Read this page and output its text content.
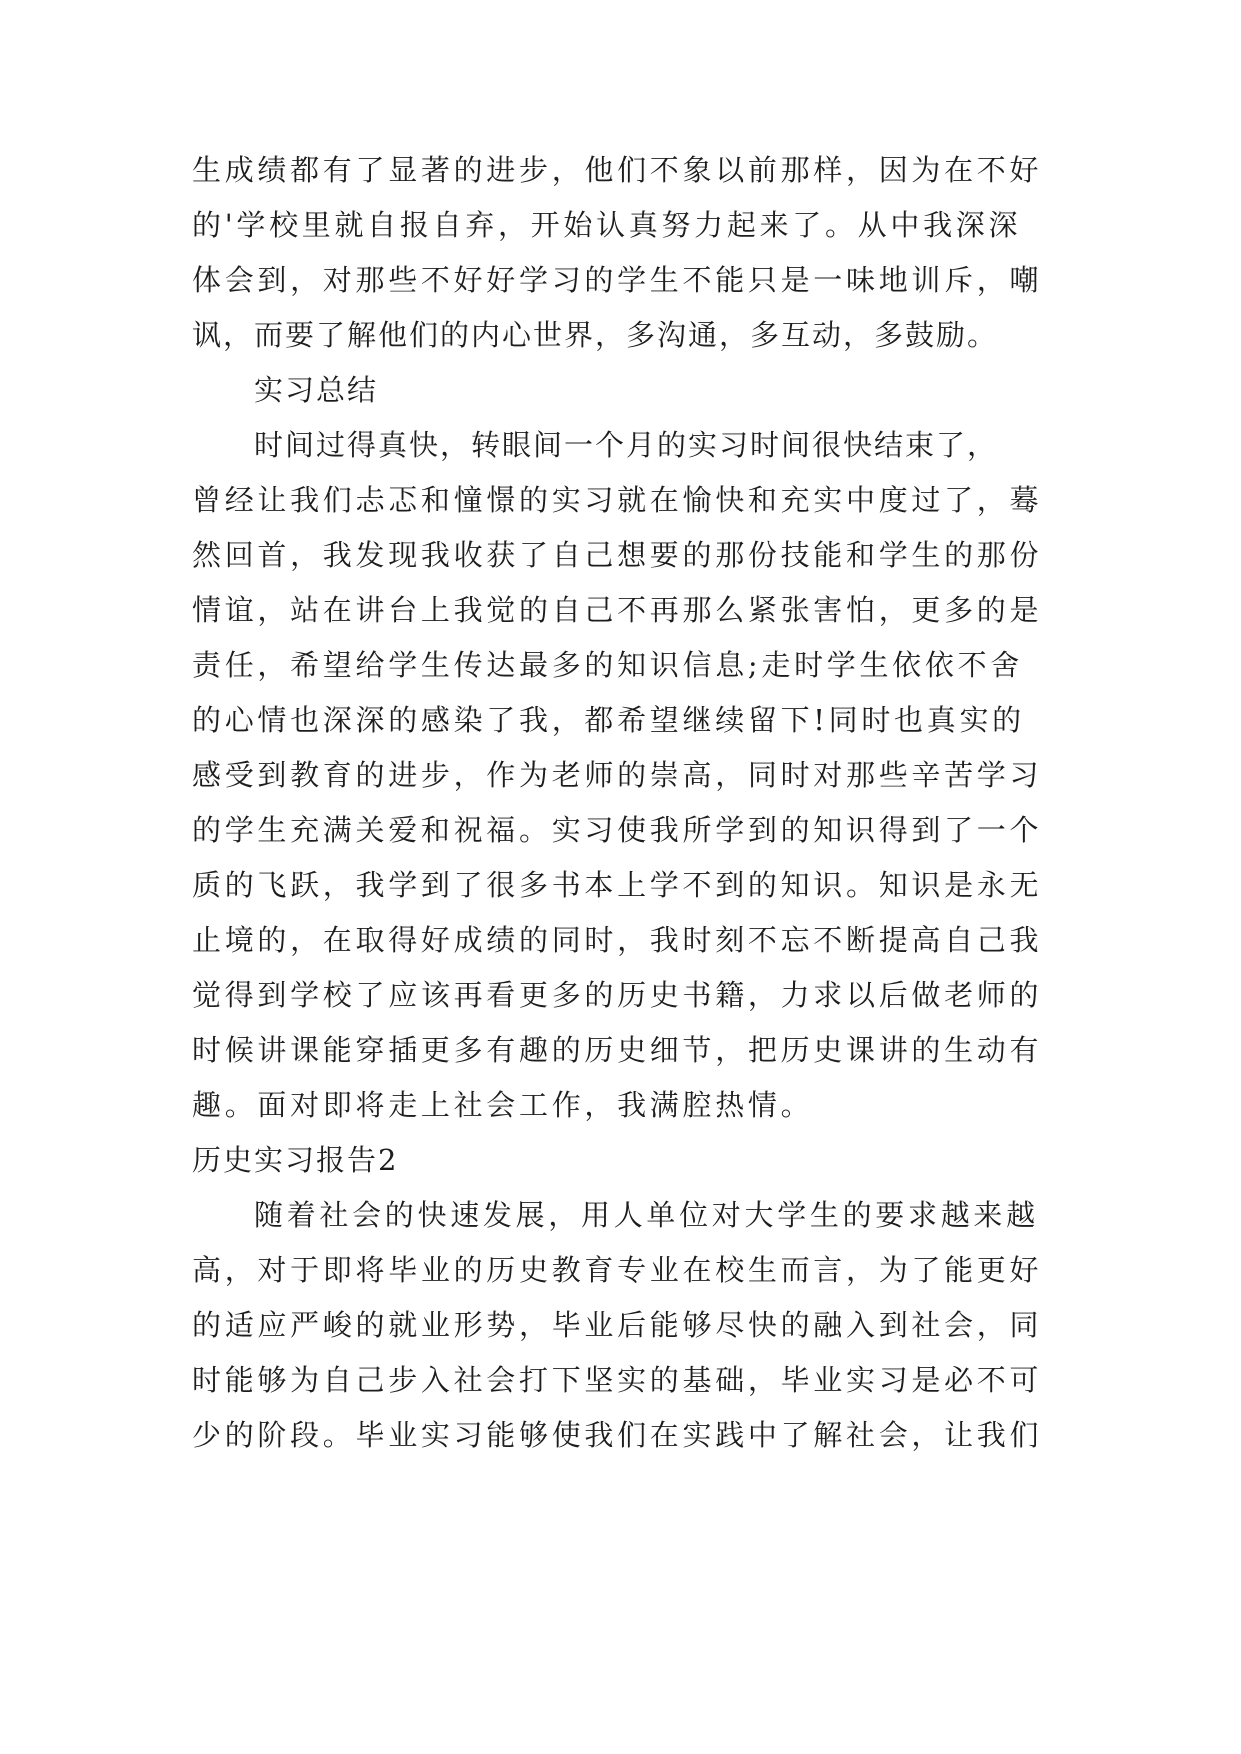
生成绩都有了显著的进步，他们不象以前那样，因为在不好

的'学校里就自报自弃，开始认真努力起来了。从中我深深

体会到，对那些不好好学习的学生不能只是一味地训斥，嘲

讽，而要了解他们的内心世界，多沟通，多互动，多鼓励。

实习总结

时间过得真快，转眼间一个月的实习时间很快结束了，

曾经让我们忐忑和憧憬的实习就在愉快和充实中度过了，蓦

然回首，我发现我收获了自己想要的那份技能和学生的那份

情谊，站在讲台上我觉的自己不再那么紧张害怕，更多的是

责任，希望给学生传达最多的知识信息;走时学生依依不舍

的心情也深深的感染了我，都希望继续留下!同时也真实的

感受到教育的进步，作为老师的崇高，同时对那些辛苦学习

的学生充满关爱和祝福。实习使我所学到的知识得到了一个

质的飞跃，我学到了很多书本上学不到的知识。知识是永无

止境的，在取得好成绩的同时，我时刻不忘不断提高自己我

觉得到学校了应该再看更多的历史书籍，力求以后做老师的

时候讲课能穿插更多有趣的历史细节，把历史课讲的生动有

趣。面对即将走上社会工作，我满腔热情。

历史实习报告2

随着社会的快速发展，用人单位对大学生的要求越来越

高，对于即将毕业的历史教育专业在校生而言，为了能更好

的适应严峻的就业形势，毕业后能够尽快的融入到社会，同

时能够为自己步入社会打下坚实的基础，毕业实习是必不可

少的阶段。毕业实习能够使我们在实践中了解社会，让我们
